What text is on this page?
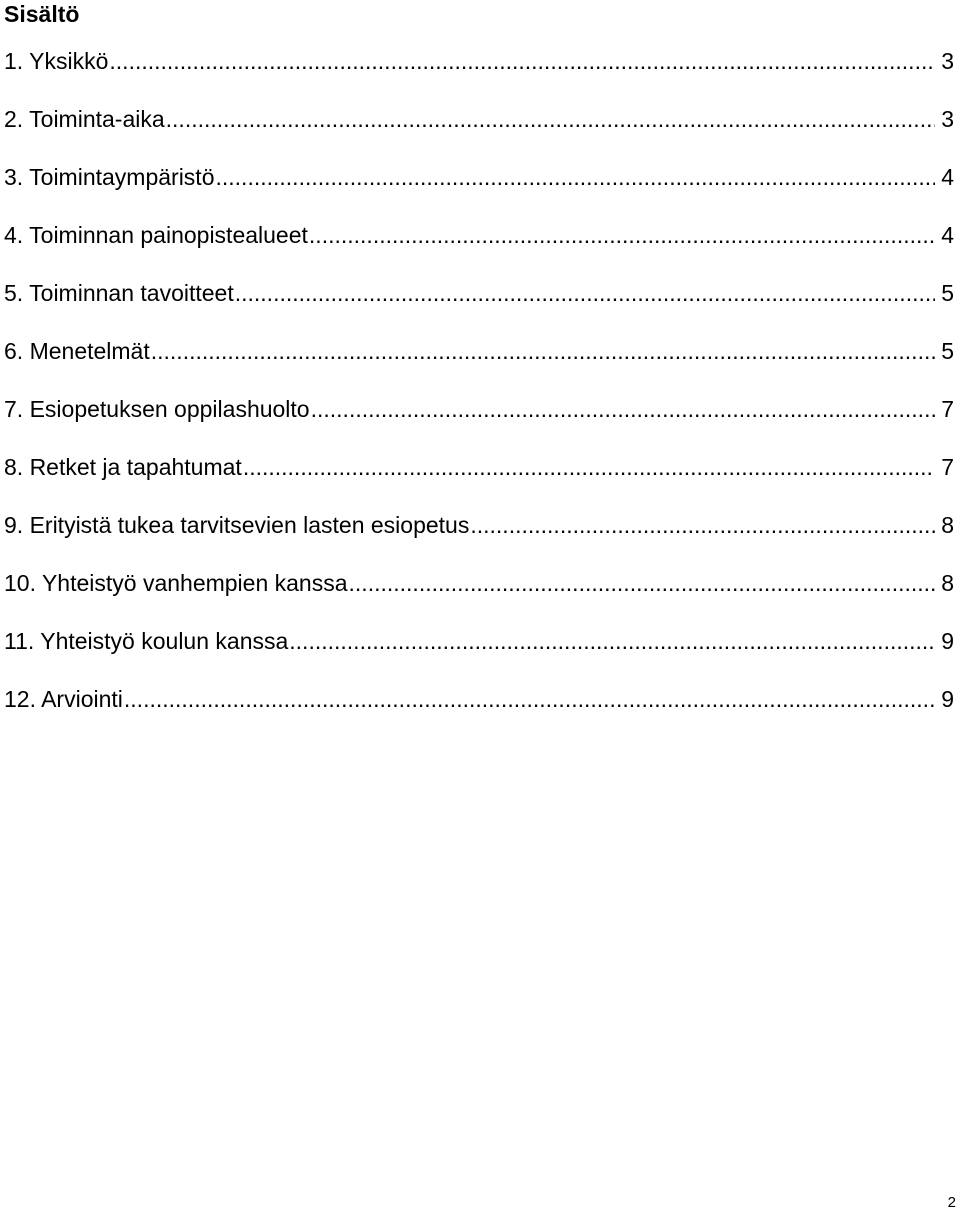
Sisältö
1. Yksikkö .....	3
2. Toiminta-aika .....	3
3. Toimintaympäristö .....	4
4. Toiminnan painopistealueet .....	4
5. Toiminnan tavoitteet .....	5
6. Menetelmät .....	5
7. Esiopetuksen oppilashuolto .....	7
8. Retket ja tapahtumat .....	7
9. Erityistä tukea tarvitsevien lasten esiopetus .....	8
10. Yhteistyö vanhempien kanssa .....	8
11. Yhteistyö koulun kanssa .....	9
12. Arviointi .....	9
2
